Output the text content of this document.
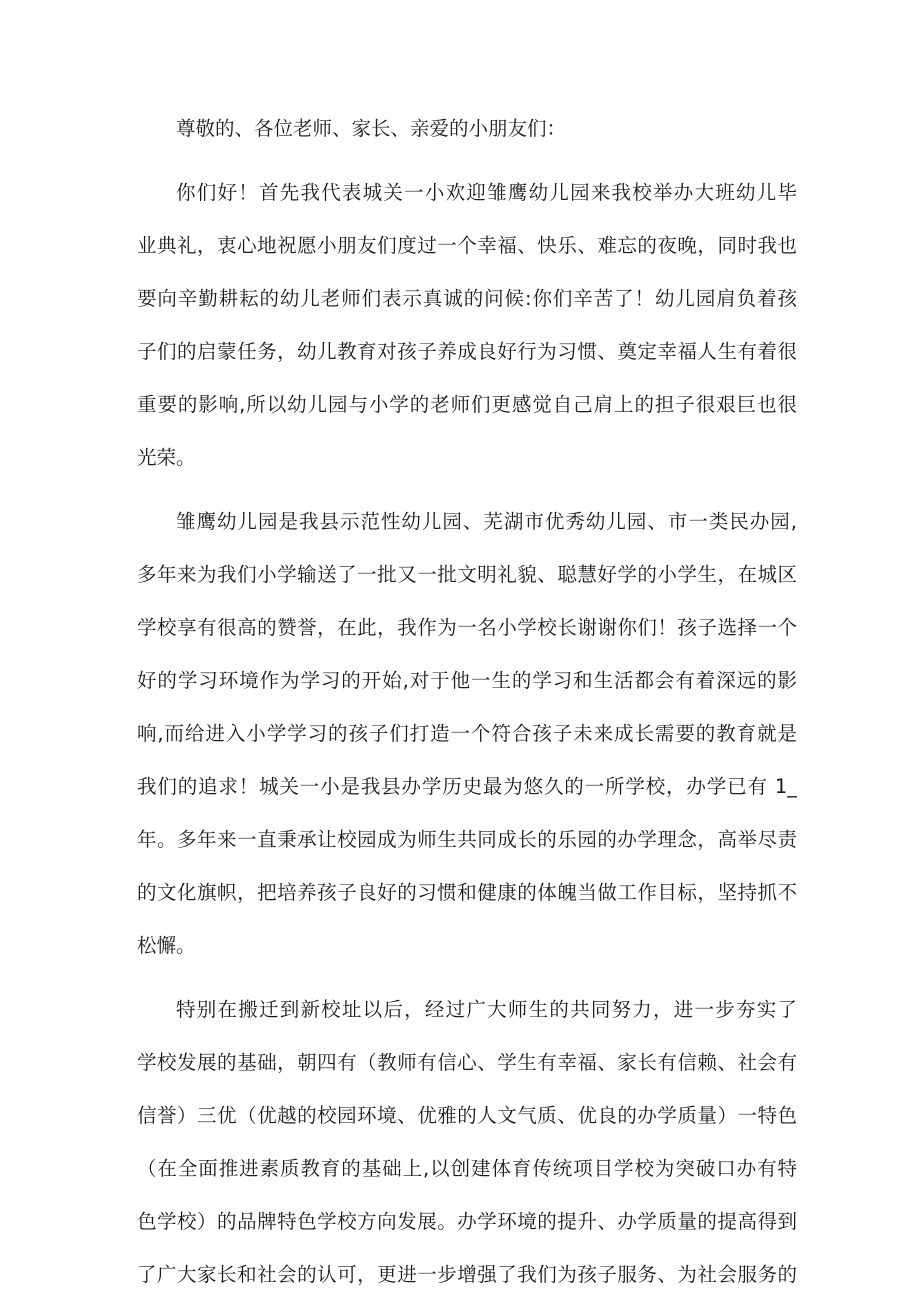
尊敬的、各位老师、家长、亲爱的小朋友们：
你们好！首先我代表城关一小欢迎雏鹰幼儿园来我校举办大班幼儿毕
业典礼，衷心地祝愿小朋友们度过一个幸福、快乐、难忘的夜晚，同时我也
要向辛勤耕耘的幼儿老师们表示真诚的问候:你们辛苦了！幼儿园肩负着孩
子们的启蒙任务，幼儿教育对孩子养成良好行为习惯、奠定幸福人生有着很
重要的影响,所以幼儿园与小学的老师们更感觉自己肩上的担子很艰巨也很
光荣。
雏鹰幼儿园是我县示范性幼儿园、芜湖市优秀幼儿园、市一类民办园,
多年来为我们小学输送了一批又一批文明礼貌、聪慧好学的小学生，在城区
学校享有很高的赞誉，在此，我作为一名小学校长谢谢你们！孩子选择一个
好的学习环境作为学习的开始,对于他一生的学习和生活都会有着深远的影
响,而给进入小学学习的孩子们打造一个符合孩子未来成长需要的教育就是
我们的追求！城关一小是我县办学历史最为悠久的一所学校，办学已有 1_
年。多年来一直秉承让校园成为师生共同成长的乐园的办学理念，高举尽责
的文化旗帜，把培养孩子良好的习惯和健康的体魄当做工作目标，坚持抓不
松懈。
特别在搬迁到新校址以后，经过广大师生的共同努力，进一步夯实了
学校发展的基础，朝四有（教师有信心、学生有幸福、家长有信赖、社会有
信誉）三优（优越的校园环境、优雅的人文气质、优良的办学质量）一特色
（在全面推进素质教育的基础上,以创建体育传统项目学校为突破口办有特
色学校）的品牌特色学校方向发展。办学环境的提升、办学质量的提高得到
了广大家长和社会的认可，更进一步增强了我们为孩子服务、为社会服务的
